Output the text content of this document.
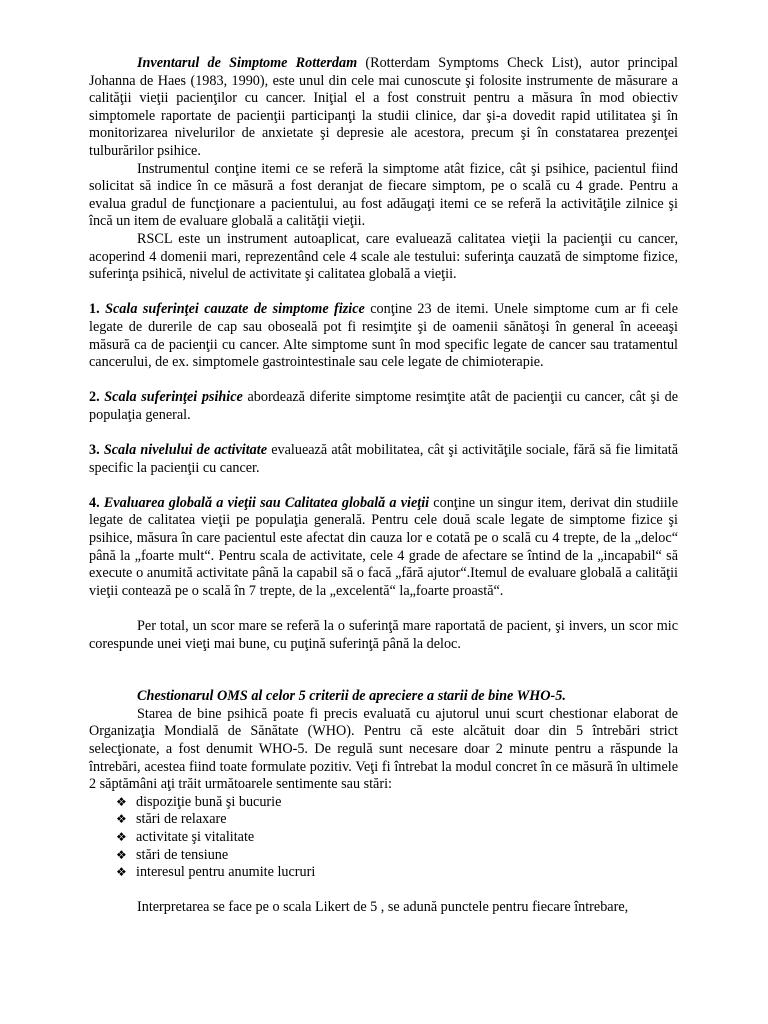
Inventarul de Simptome Rotterdam (Rotterdam Symptoms Check List), autor principal Johanna de Haes (1983, 1990), este unul din cele mai cunoscute şi folosite instrumente de măsurare a calităţii vieţii pacienţilor cu cancer. Iniţial el a fost construit pentru a măsura în mod obiectiv simptomele raportate de pacienţii participanţi la studii clinice, dar şi-a dovedit rapid utilitatea şi în monitorizarea nivelurilor de anxietate şi depresie ale acestora, precum şi în constatarea prezenţei tulburărilor psihice.

Instrumentul conţine itemi ce se referă la simptome atât fizice, cât şi psihice, pacientul fiind solicitat să indice în ce măsură a fost deranjat de fiecare simptom, pe o scală cu 4 grade. Pentru a evalua gradul de funcţionare a pacientului, au fost adăugaţi itemi ce se referă la activităţile zilnice şi încă un item de evaluare globală a calităţii vieţii.

RSCL este un instrument autoaplicat, care evaluează calitatea vieţii la pacienţii cu cancer, acoperind 4 domenii mari, reprezentând cele 4 scale ale testului: suferinţa cauzată de simptome fizice, suferinţa psihică, nivelul de activitate şi calitatea globală a vieţii.

1. Scala suferinţei cauzate de simptome fizice conţine 23 de itemi. Unele simptome cum ar fi cele legate de durerile de cap sau oboseală pot fi resimţite şi de oamenii sănătoşi în general în aceeaşi măsură ca de pacienţii cu cancer. Alte simptome sunt în mod specific legate de cancer sau tratamentul cancerului, de ex. simptomele gastrointestinale sau cele legate de chimioterapie.

2. Scala suferinţei psihice abordează diferite simptome resimţite atât de pacienţii cu cancer, cât şi de populaţia general.

3. Scala nivelului de activitate evaluează atât mobilitatea, cât şi activităţile sociale, fără să fie limitată specific la pacienţii cu cancer.

4. Evaluarea globală a vieţii sau Calitatea globală a vieţii conţine un singur item, derivat din studiile legate de calitatea vieţii pe populaţia generală. Pentru cele două scale legate de simptome fizice şi psihice, măsura în care pacientul este afectat din cauza lor e cotată pe o scală cu 4 trepte, de la „deloc“ până la „foarte mult“. Pentru scala de activitate, cele 4 grade de afectare se întind de la „incapabil“ să execute o anumită activitate până la capabil să o facă „fără ajutor“.Itemul de evaluare globală a calităţii vieţii contează pe o scală în 7 trepte, de la „excelentă“ la„foarte proastă“.

Per total, un scor mare se referă la o suferinţă mare raportată de pacient, şi invers, un scor mic corespunde unei vieţi mai bune, cu puţină suferinţă până la deloc.

Chestionarul OMS al celor 5 criterii de apreciere a starii de bine WHO-5.

Starea de bine psihică poate fi precis evaluată cu ajutorul unui scurt chestionar elaborat de Organizaţia Mondială de Sănătate (WHO). Pentru că este alcătuit doar din 5 întrebări strict selecţionate, a fost denumit WHO-5. De regulă sunt necesare doar 2 minute pentru a răspunde la întrebări, acestea fiind toate formulate pozitiv. Veţi fi întrebat la modul concret în ce măsură în ultimele 2 săptămâni aţi trăit următoarele sentimente sau stări:

❖ dispoziţie bună şi bucurie
❖ stări de relaxare
❖ activitate şi vitalitate
❖ stări de tensiune
❖ interesul pentru anumite lucruri

Interpretarea se face pe o scala Likert de 5 , se adună punctele pentru fiecare întrebare,
